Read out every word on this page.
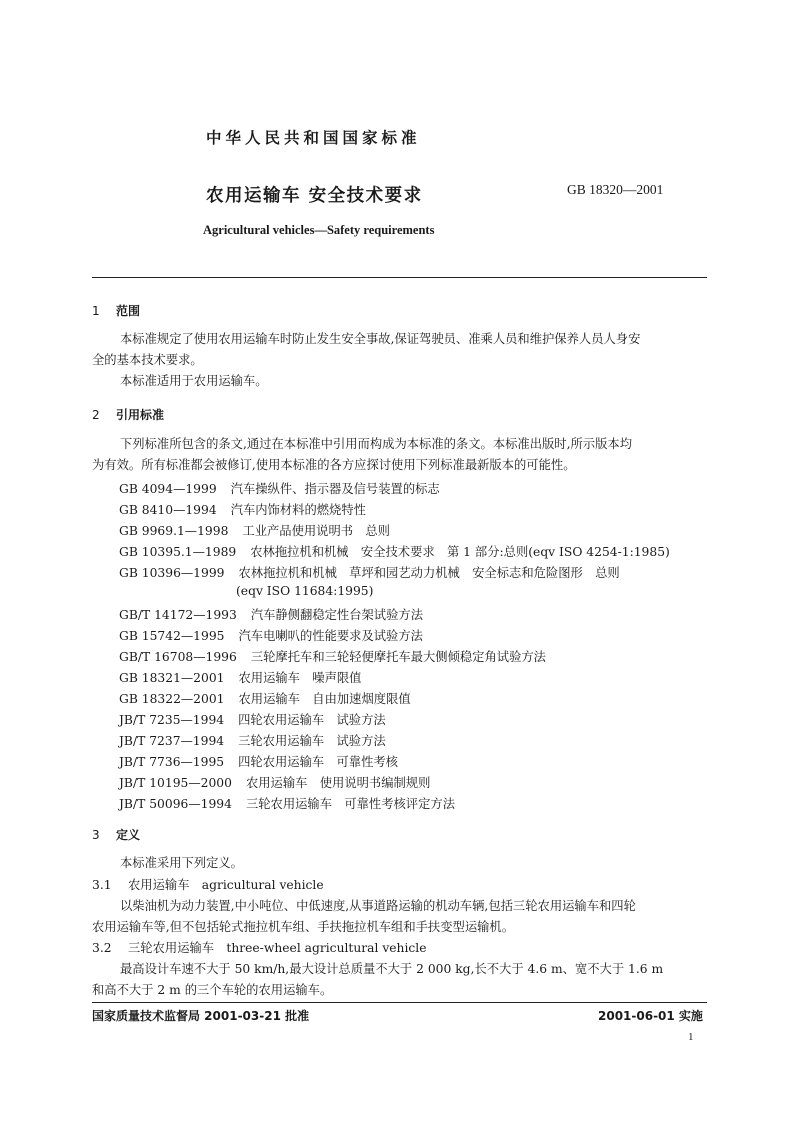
中华人民共和国国家标准
农用运输车 安全技术要求	GB 18320—2001
Agricultural vehicles—Safety requirements
1 范围
本标准规定了使用农用运输车时防止发生安全事故,保证驾驶员、准乘人员和维护保养人员人身安
全的基本技术要求。
本标准适用于农用运输车。
2 引用标准
下列标准所包含的条文,通过在本标准中引用而构成为本标准的条文。本标准出版时,所示版本均
为有效。所有标准都会被修订,使用本标准的各方应探讨使用下列标准最新版本的可能性。
GB 4094—1999 汽车操纵件、指示器及信号装置的标志
GB 8410—1994 汽车内饰材料的燃烧特性
GB 9969.1—1998 工业产品使用说明书　总则
GB 10395.1—1989 农林拖拉机和机械　安全技术要求　第 1 部分:总则(eqv ISO 4254-1:1985)
GB 10396—1999 农林拖拉机和机械　草坪和园艺动力机械　安全标志和危险图形　总则
(eqv ISO 11684:1995)
GB/T 14172—1993 汽车静侧翻稳定性台架试验方法
GB 15742—1995 汽车电喇叭的性能要求及试验方法
GB/T 16708—1996 三轮摩托车和三轮轻便摩托车最大侧倾稳定角试验方法
GB 18321—2001 农用运输车　噪声限值
GB 18322—2001 农用运输车　自由加速烟度限值
JB/T 7235—1994 四轮农用运输车　试验方法
JB/T 7237—1994 三轮农用运输车　试验方法
JB/T 7736—1995 四轮农用运输车　可靠性考核
JB/T 10195—2000 农用运输车　使用说明书编制规则
JB/T 50096—1994 三轮农用运输车　可靠性考核评定方法
3 定义
本标准采用下列定义。
3.1 农用运输车　agricultural vehicle
以柴油机为动力装置,中小吨位、中低速度,从事道路运输的机动车辆,包括三轮农用运输车和四轮
农用运输车等,但不包括轮式拖拉机车组、手扶拖拉机车组和手扶变型运输机。
3.2 三轮农用运输车　three-wheel agricultural vehicle
最高设计车速不大于 50 km/h,最大设计总质量不大于 2 000 kg,长不大于 4.6 m、宽不大于 1.6 m
和高不大于 2 m 的三个车轮的农用运输车。
国家质量技术监督局 2001-03-21 批准	2001-06-01 实施
1
